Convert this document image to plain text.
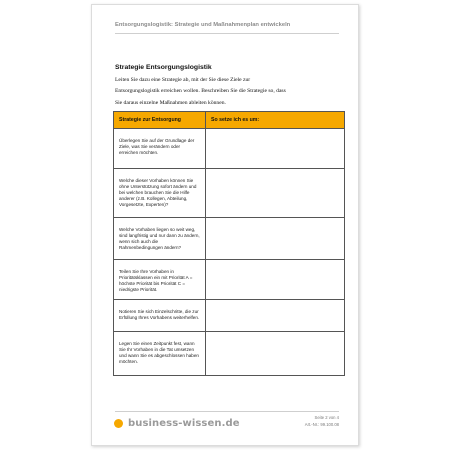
Entsorgungslogistik: Strategie und Maßnahmenplan entwickeln
Strategie Entsorgungslogistik
Leiten Sie dazu eine Strategie ab, mit der Sie diese Ziele zur
Entsorgungslogistik erreichen wollen. Beschreiben Sie die Strategie so, dass
Sie daraus einzelne Maßnahmen ableiten können.
Strategie zur Entsorgung	So setze ich es um:
Überlegen Sie auf der Grundlage der Ziele, was Sie verändern oder erreichen möchten.	
Welche dieser Vorhaben können Sie ohne Unterstützung sofort ändern und bei welchen brauchen Sie die Hilfe anderer (z.B. Kollegen, Abteilung, Vorgesetzte, Experten)?	
Welche Vorhaben liegen so weit weg, sind langfristig und nur dann zu ändern, wenn sich auch die Rahmenbedingungen ändern?	
Teilen Sie Ihre Vorhaben in Prioritätsklassen ein mit Priorität A = höchste Priorität bis Priorität C = niedrigste Priorität.	
Notieren Sie sich Einzelschritte, die zur Erfüllung Ihres Vorhabens weiterhelfen.	
Legen Sie einen Zeitpunkt fest, wann Sie Ihr Vorhaben in die Tat umsetzen und wann Sie es abgeschlossen haben möchten.	
business-wissen.de
Seite 2 von 4
Art.-Nr.: 99.100.08
